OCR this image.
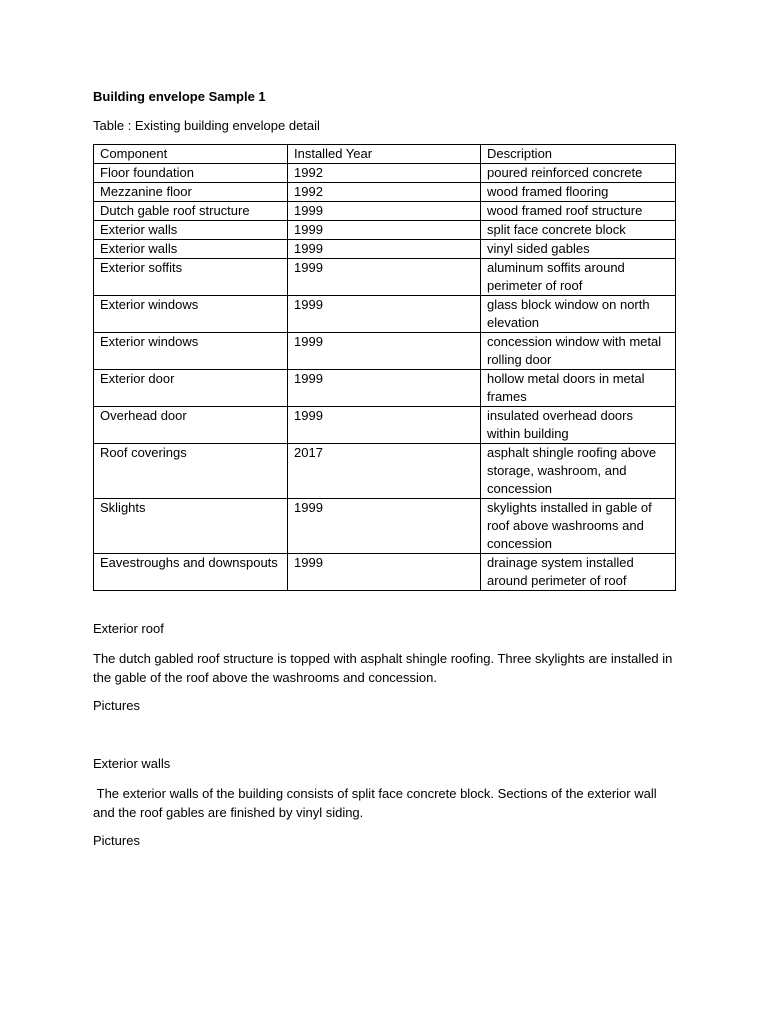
Building envelope Sample 1
Table : Existing building envelope detail
Component	Installed Year	Description
Floor foundation	1992	poured reinforced concrete
Mezzanine floor	1992	wood framed flooring
Dutch gable roof structure	1999	wood framed roof structure
Exterior walls	1999	split face concrete block
Exterior walls	1999	vinyl sided gables
Exterior soffits	1999	aluminum soffits around perimeter of roof
Exterior windows	1999	glass block window on north elevation
Exterior windows	1999	concession window with metal rolling door
Exterior door	1999	hollow metal doors in metal frames
Overhead door	1999	insulated overhead doors within building
Roof coverings	2017	asphalt shingle roofing above storage, washroom, and concession
Sklights	1999	skylights installed in gable of roof above washrooms and concession
Eavestroughs and downspouts	1999	drainage system installed around perimeter of roof
Exterior roof
The dutch gabled roof structure is topped with asphalt shingle roofing. Three skylights are installed in the gable of the roof above the washrooms and concession.
Pictures
Exterior walls
The exterior walls of the building consists of split face concrete block. Sections of the exterior wall and the roof gables are finished by vinyl siding.
Pictures
